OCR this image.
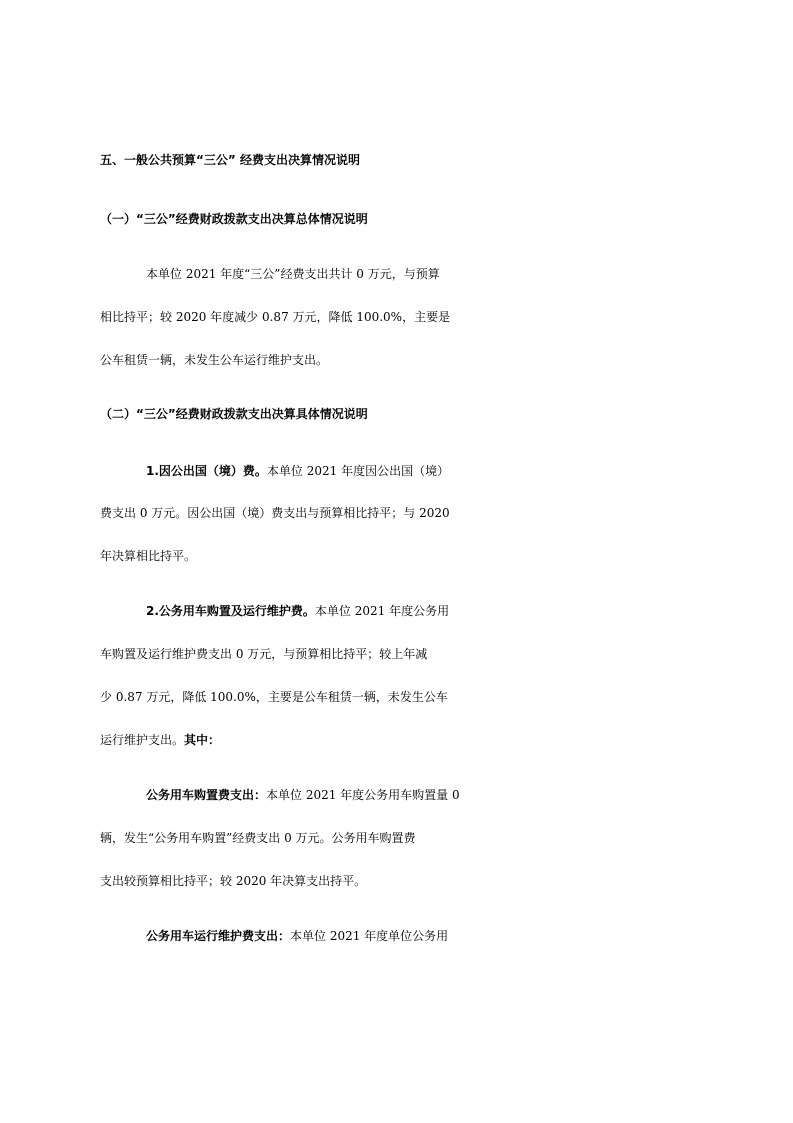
五、一般公共预算“三公” 经费支出决算情况说明

（一）“三公”经费财政拨款支出决算总体情况说明

本单位 2021 年度“三公”经费支出共计 0 万元，与预算

相比持平；较 2020 年度减少 0.87 万元，降低 100.0%，主要是

公车租赁一辆，未发生公车运行维护支出。

（二）“三公”经费财政拨款支出决算具体情况说明

1.因公出国（境）费。本单位 2021 年度因公出国（境）

费支出 0 万元。因公出国（境）费支出与预算相比持平；与 2020

年决算相比持平。

2.公务用车购置及运行维护费。本单位 2021 年度公务用

车购置及运行维护费支出 0 万元，与预算相比持平；较上年减

少 0.87 万元，降低 100.0%，主要是公车租赁一辆，未发生公车

运行维护支出。其中：

公务用车购置费支出：本单位 2021 年度公务用车购置量 0

辆，发生“公务用车购置”经费支出 0 万元。公务用车购置费

支出较预算相比持平；较 2020 年决算支出持平。

公务用车运行维护费支出：本单位 2021 年度单位公务用
